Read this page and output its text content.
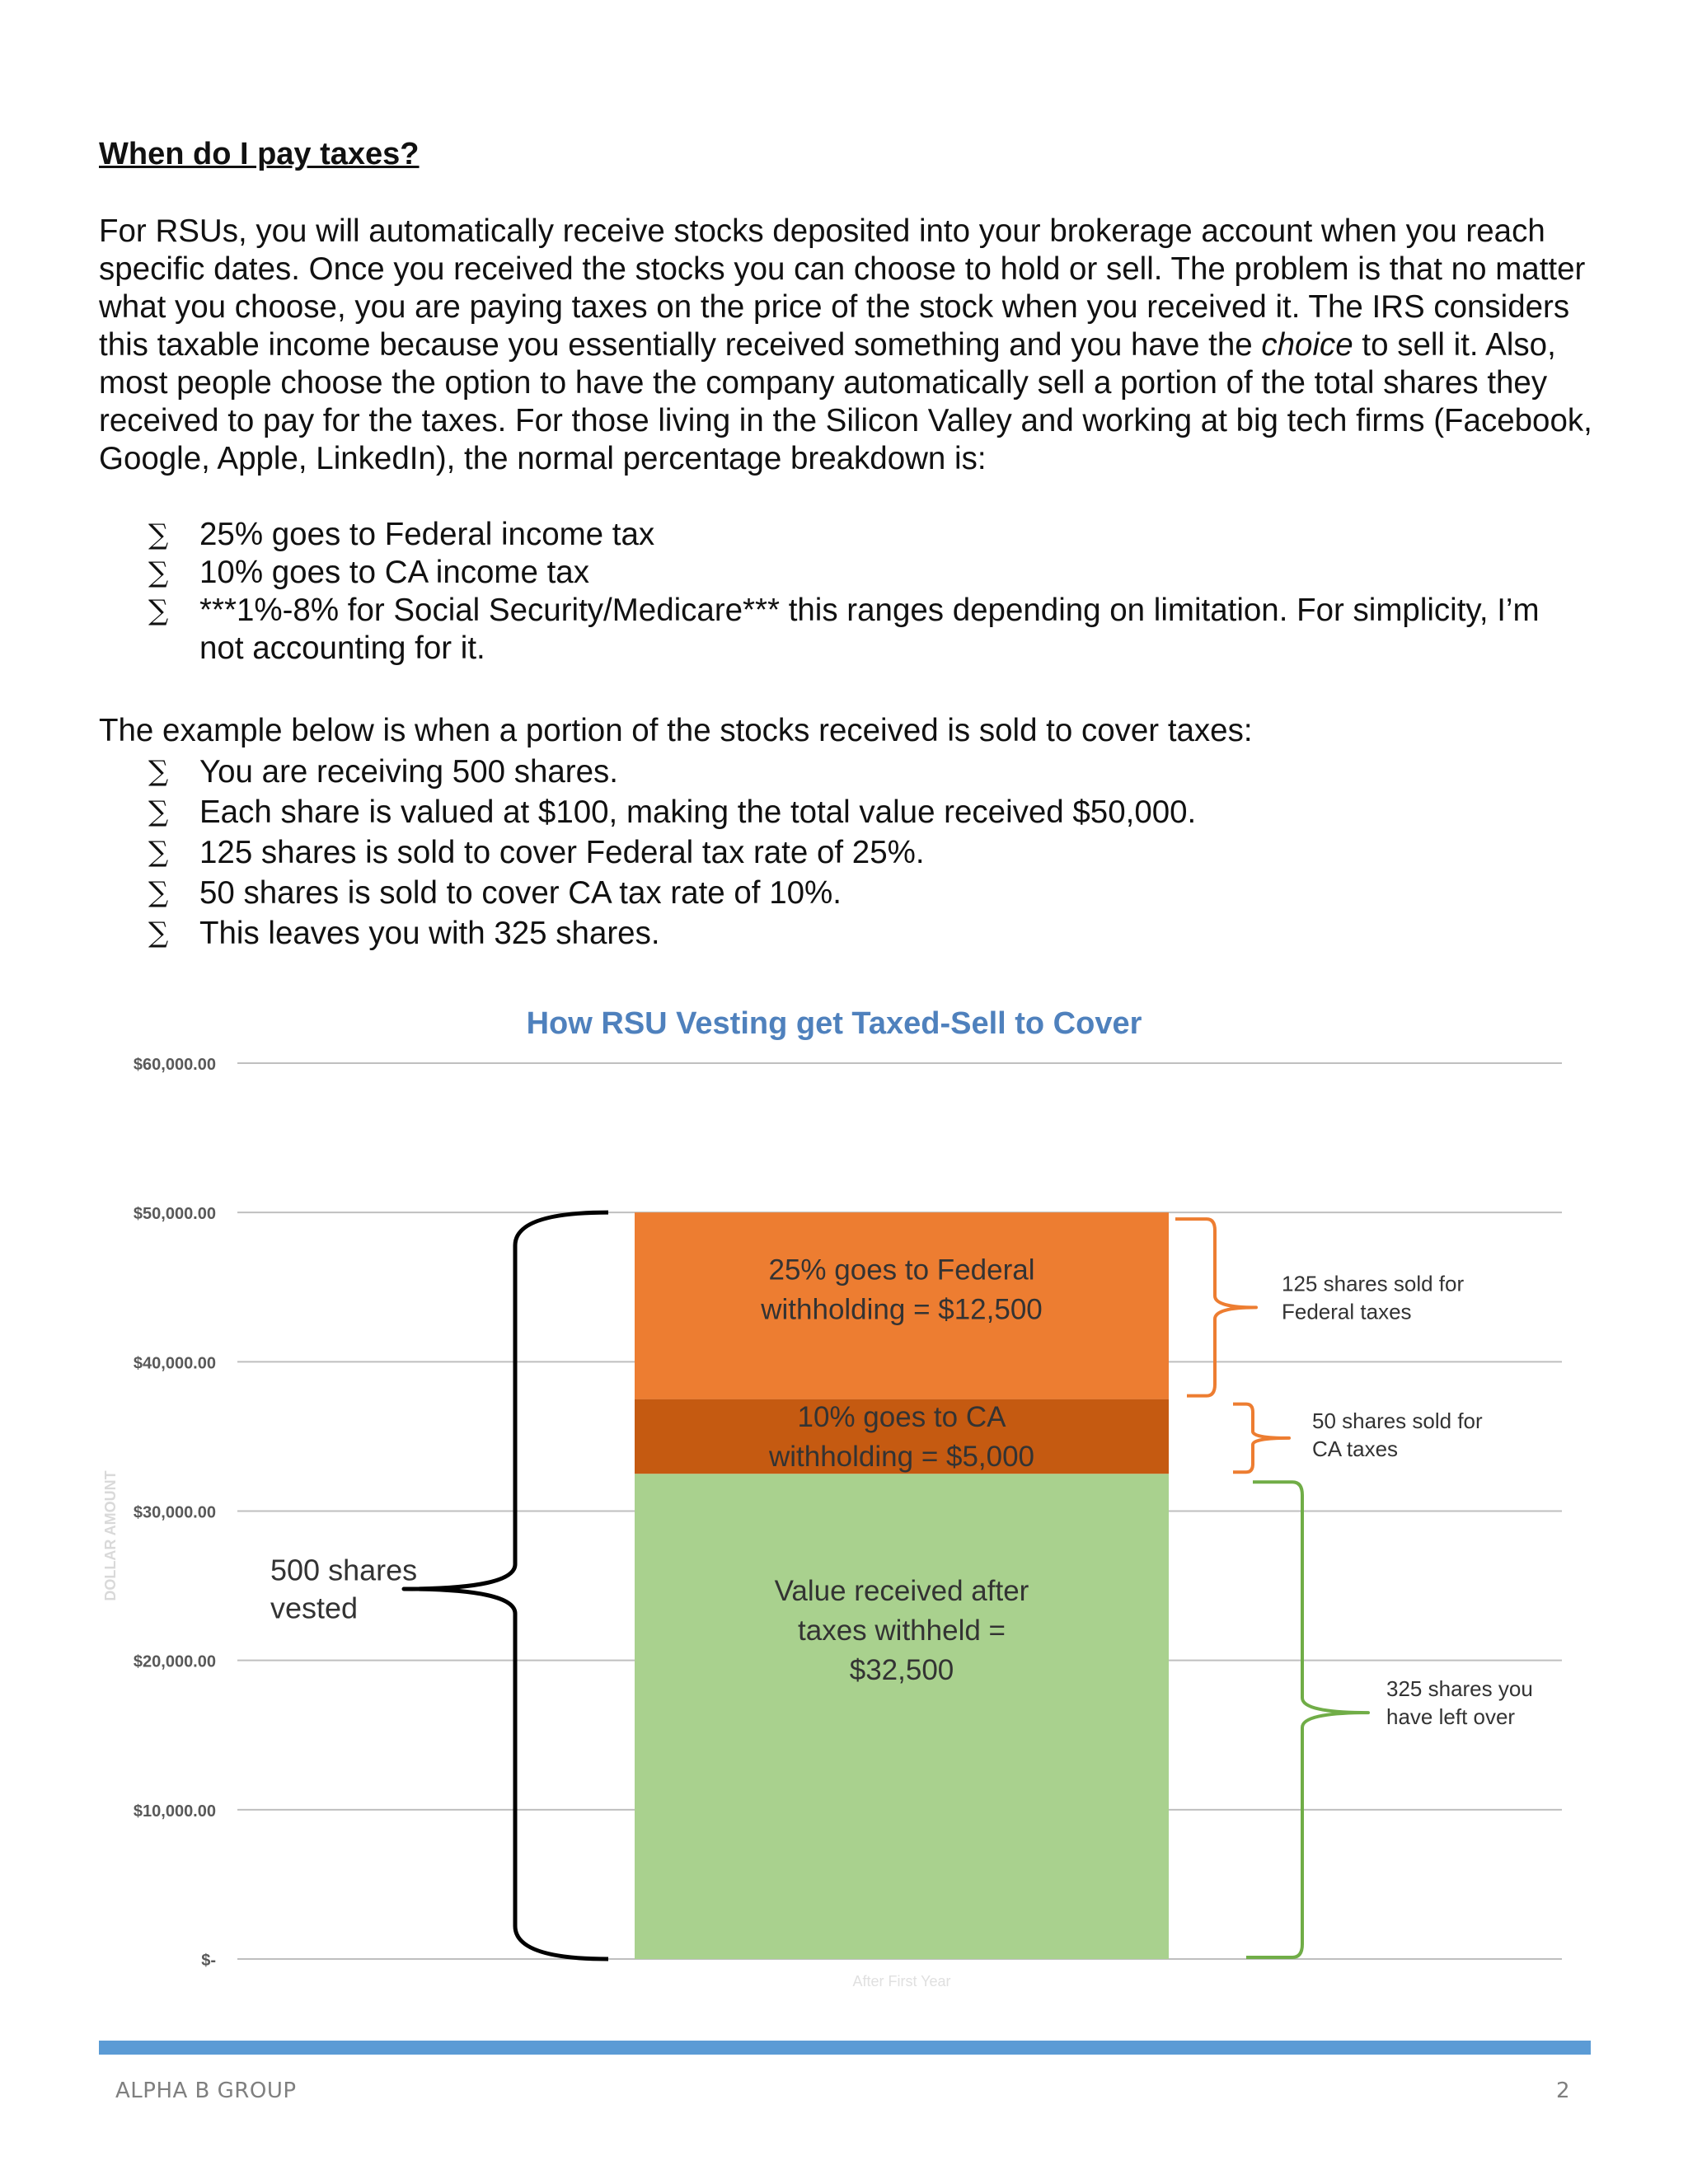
When do I pay taxes?

For RSUs, you will automatically receive stocks deposited into your brokerage account when you reach specific dates. Once you received the stocks you can choose to hold or sell. The problem is that no matter what you choose, you are paying taxes on the price of the stock when you received it. The IRS considers this taxable income because you essentially received something and you have the choice to sell it. Also, most people choose the option to have the company automatically sell a portion of the total shares they received to pay for the taxes. For those living in the Silicon Valley and working at big tech firms (Facebook, Google, Apple, LinkedIn), the normal percentage breakdown is:

∑ 25% goes to Federal income tax
∑ 10% goes to CA income tax
∑ ***1%-8% for Social Security/Medicare*** this ranges depending on limitation. For simplicity, I’m not accounting for it.

The example below is when a portion of the stocks received is sold to cover taxes:

∑ You are receiving 500 shares.
∑ Each share is valued at $100, making the total value received $50,000.
∑ 125 shares is sold to cover Federal tax rate of 25%.
∑ 50 shares is sold to cover CA tax rate of 10%.
∑ This leaves you with 325 shares.
How RSU Vesting get Taxed-Sell to Cover
$-
$10,000.00
$20,000.00
$30,000.00
$40,000.00
$50,000.00
$60,000.00
DOLLAR AMOUNT
After First Year
Value received after
taxes withheld =
$32,500
10% goes to CA
withholding = $5,000
25% goes to Federal
withholding = $12,500
500 shares
vested
125 shares sold for
Federal taxes
50 shares sold for
CA taxes
325 shares you
have left over
ALPHA B GROUP	2
